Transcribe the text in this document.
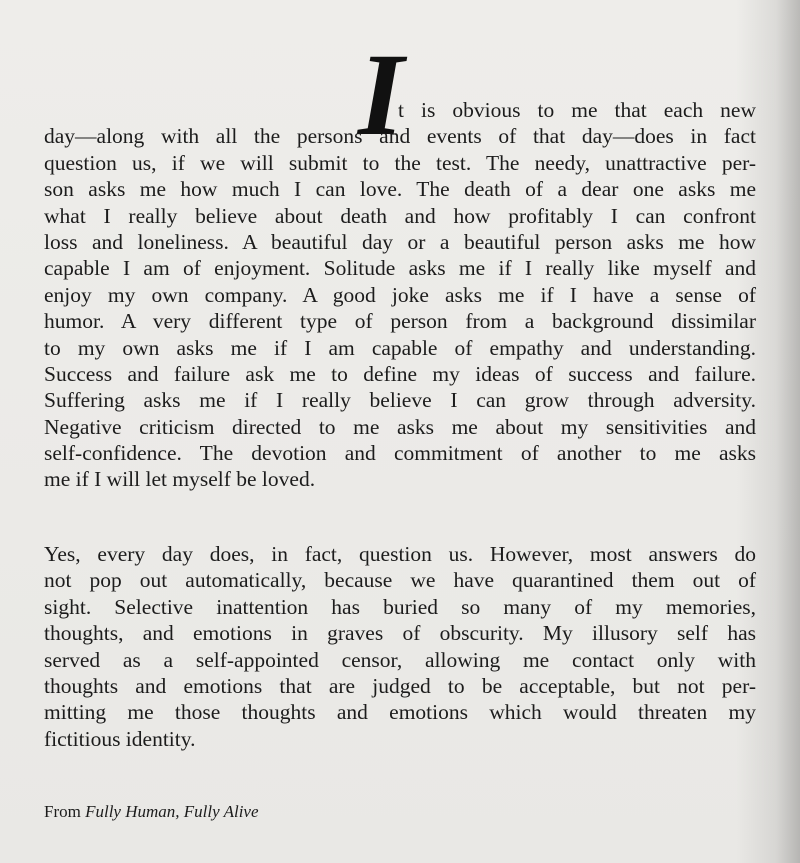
I
t is obvious to me that each new
day—along with all the persons and events of that day—does in fact
question us, if we will submit to the test. The needy, unattractive per-
son asks me how much I can love. The death of a dear one asks me
what I really believe about death and how profitably I can confront
loss and loneliness. A beautiful day or a beautiful person asks me how
capable I am of enjoyment. Solitude asks me if I really like myself and
enjoy my own company. A good joke asks me if I have a sense of
humor. A very different type of person from a background dissimilar
to my own asks me if I am capable of empathy and understanding.
Success and failure ask me to define my ideas of success and failure.
Suffering asks me if I really believe I can grow through adversity.
Negative criticism directed to me asks me about my sensitivities and
self-confidence. The devotion and commitment of another to me asks
me if I will let myself be loved.
Yes, every day does, in fact, question us. However, most answers do
not pop out automatically, because we have quarantined them out of
sight. Selective inattention has buried so many of my memories,
thoughts, and emotions in graves of obscurity. My illusory self has
served as a self-appointed censor, allowing me contact only with
thoughts and emotions that are judged to be acceptable, but not per-
mitting me those thoughts and emotions which would threaten my
fictitious identity.
From Fully Human, Fully Alive
